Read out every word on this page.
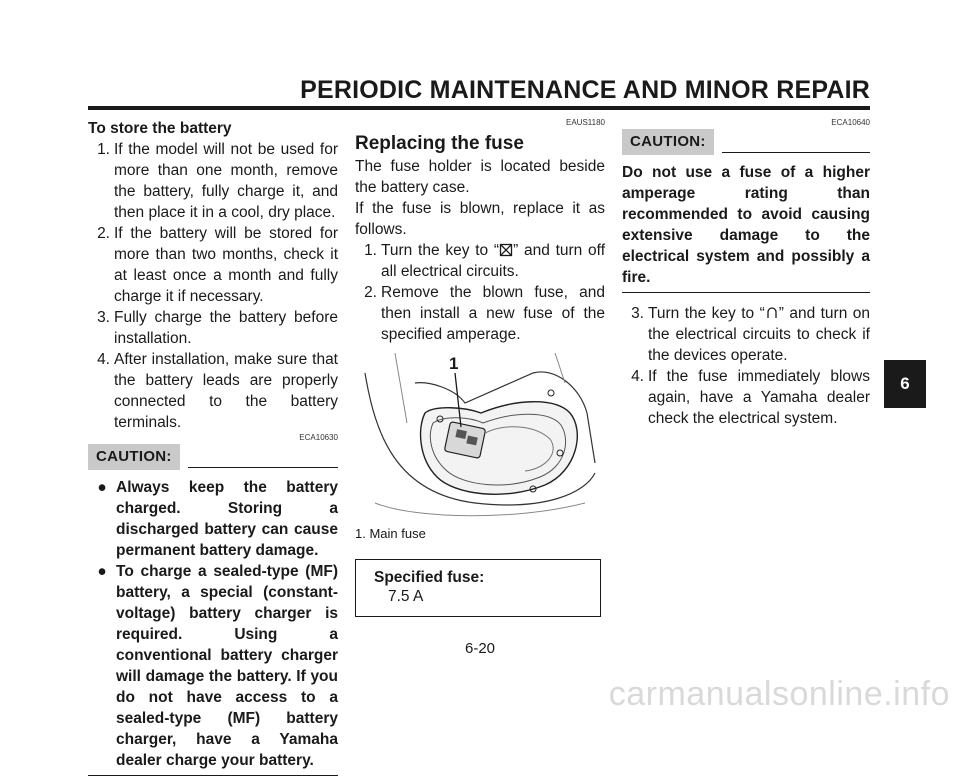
PERIODIC MAINTENANCE AND MINOR REPAIR
To store the battery
1. If the model will not be used for more than one month, remove the battery, fully charge it, and then place it in a cool, dry place.
2. If the battery will be stored for more than two months, check it at least once a month and fully charge it if necessary.
3. Fully charge the battery before installation.
4. After installation, make sure that the battery leads are properly connected to the battery terminals.
ECA10630
CAUTION:
● Always keep the battery charged. Storing a discharged battery can cause permanent battery damage.
● To charge a sealed-type (MF) battery, a special (constant-voltage) battery charger is required. Using a conventional battery charger will damage the battery. If you do not have access to a sealed-type (MF) battery charger, have a Yamaha dealer charge your battery.
EAUS1180
Replacing the fuse
The fuse holder is located beside the battery case.
If the fuse is blown, replace it as follows.
1. Turn the key to “ ” and turn off all electrical circuits.
2. Remove the blown fuse, and then install a new fuse of the specified amperage.
1
1. Main fuse
Specified fuse:
7.5 A
ECA10640
CAUTION:
Do not use a fuse of a higher amperage rating than recommended to avoid causing extensive damage to the electrical system and possibly a fire.
3. Turn the key to “ ” and turn on the electrical circuits to check if the devices operate.
4. If the fuse immediately blows again, have a Yamaha dealer check the electrical system.
6
6-20
carmanualsonline.info
